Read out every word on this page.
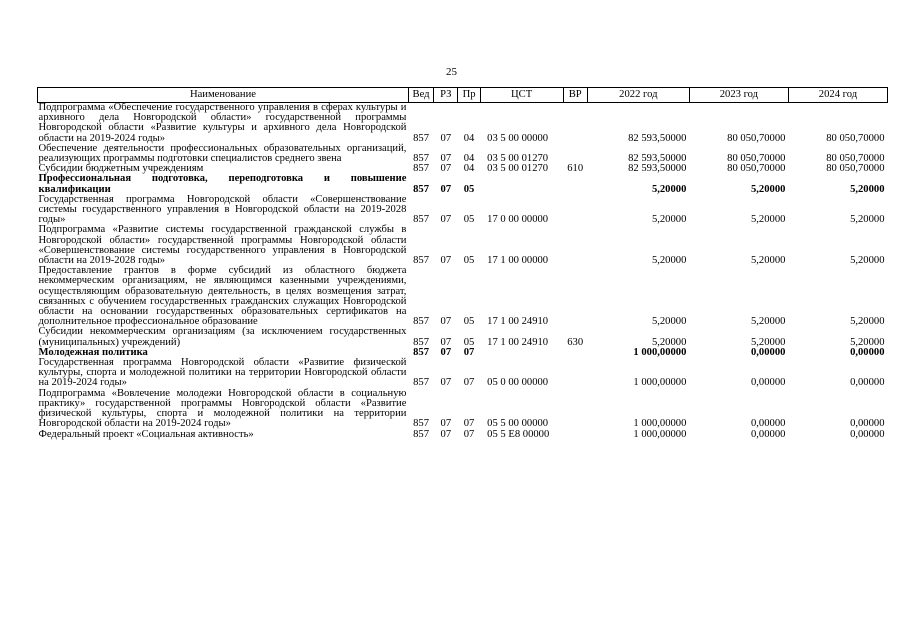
25
Наименование	Вед	РЗ	Пр	ЦСТ	ВР	2022 год	2023 год	2024 год
Подпрограмма «Обеспечение государственного управления в сферах культуры и архивного дела Новгородской области» государственной программы Новгородской области «Развитие культуры и архивного дела Новгородской области на 2019-2024 годы»	857	07	04	03 5 00 00000		82 593,50000	80 050,70000	80 050,70000
Обеспечение деятельности профессиональных образовательных организаций, реализующих программы подготовки специалистов среднего звена	857	07	04	03 5 00 01270		82 593,50000	80 050,70000	80 050,70000
Субсидии бюджетным учреждениям	857	07	04	03 5 00 01270	610	82 593,50000	80 050,70000	80 050,70000
Профессиональная подготовка, переподготовка и повышение квалификации	857	07	05			5,20000	5,20000	5,20000
Государственная программа Новгородской области «Совершенствование системы государственного управления в Новгородской области на 2019-2028 годы»	857	07	05	17 0 00 00000		5,20000	5,20000	5,20000
Подпрограмма «Развитие системы государственной гражданской службы в Новгородской области» государственной программы Новгородской области «Совершенствование системы государственного управления в Новгородской области на 2019-2028 годы»	857	07	05	17 1 00 00000		5,20000	5,20000	5,20000
Предоставление грантов в форме субсидий из областного бюджета некоммерческим организациям, не являющимся казенными учреждениями, осуществляющим образовательную деятельность, в целях возмещения затрат, связанных с обучением государственных гражданских служащих Новгородской области на основании государственных образовательных сертификатов на дополнительное профессиональное образование	857	07	05	17 1 00 24910		5,20000	5,20000	5,20000
Субсидии некоммерческим организациям (за исключением государственных (муниципальных) учреждений)	857	07	05	17 1 00 24910	630	5,20000	5,20000	5,20000
Молодежная политика	857	07	07			1 000,00000	0,00000	0,00000
Государственная программа Новгородской области «Развитие физической культуры, спорта и молодежной политики на территории Новгородской области на 2019-2024 годы»	857	07	07	05 0 00 00000		1 000,00000	0,00000	0,00000
Подпрограмма «Вовлечение молодежи Новгородской области в социальную практику» государственной программы Новгородской области «Развитие физической культуры, спорта и молодежной политики на территории Новгородской области на 2019-2024 годы»	857	07	07	05 5 00 00000		1 000,00000	0,00000	0,00000
Федеральный проект «Социальная активность»	857	07	07	05 5 E8 00000		1 000,00000	0,00000	0,00000
